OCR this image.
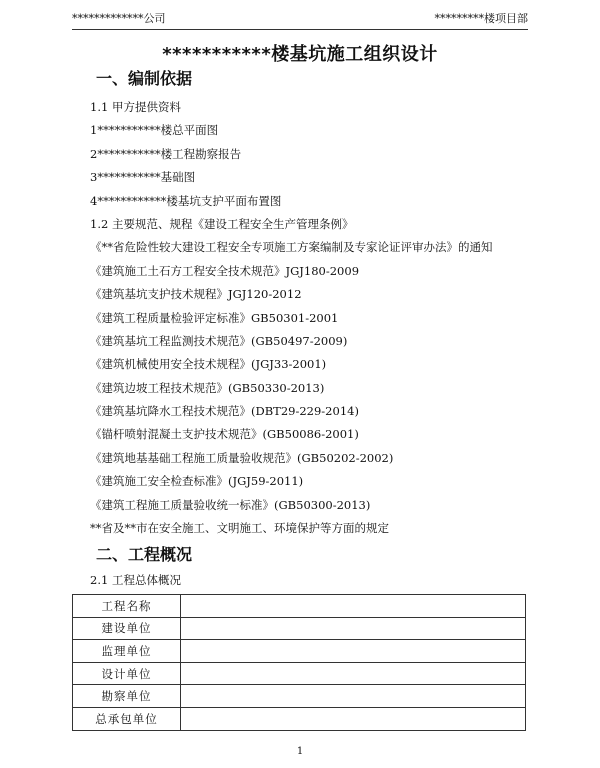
*************公司	*********楼项目部
***********楼基坑施工组织设计
一、编制依据
1.1 甲方提供资料
1***********楼总平面图
2***********楼工程勘察报告
3***********基础图
4************楼基坑支护平面布置图
1.2 主要规范、规程《建设工程安全生产管理条例》
《**省危险性较大建设工程安全专项施工方案编制及专家论证评审办法》的通知
《建筑施工土石方工程安全技术规范》JGJ180-2009
《建筑基坑支护技术规程》JGJ120-2012
《建筑工程质量检验评定标准》GB50301-2001
《建筑基坑工程监测技术规范》(GB50497-2009)
《建筑机械使用安全技术规程》(JGJ33-2001)
《建筑边坡工程技术规范》(GB50330-2013)
《建筑基坑降水工程技术规范》(DBT29-229-2014)
《锚杆喷射混凝土支护技术规范》(GB50086-2001)
《建筑地基基础工程施工质量验收规范》(GB50202-2002)
《建筑施工安全检查标准》(JGJ59-2011)
《建筑工程施工质量验收统一标准》(GB50300-2013)
**省及**市在安全施工、文明施工、环境保护等方面的规定
二、工程概况
2.1 工程总体概况
工程名称	
建设单位	
监理单位	
设计单位	
勘察单位	
总承包单位	
1
